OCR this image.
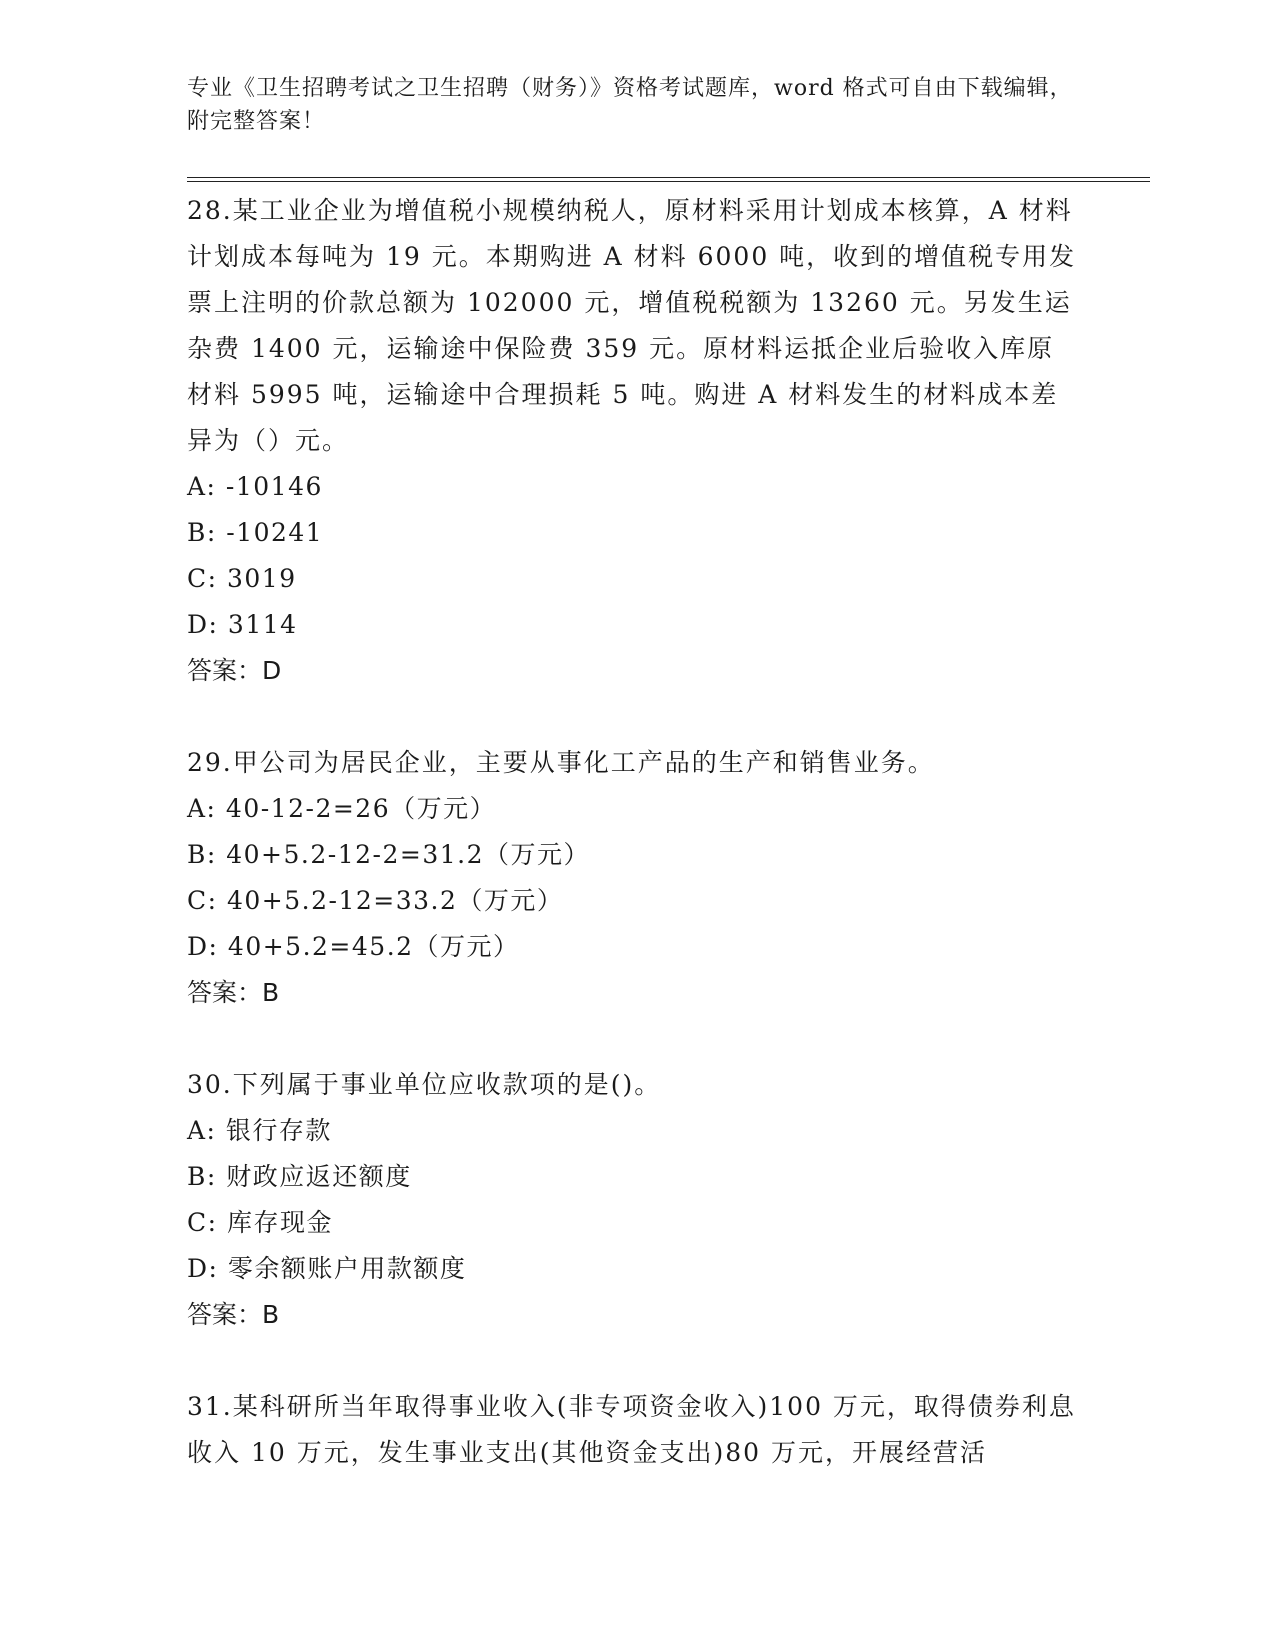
专业《卫生招聘考试之卫生招聘（财务）》资格考试题库，word 格式可自由下载编辑，附完整答案！

28.某工业企业为增值税小规模纳税人，原材料采用计划成本核算，A 材料计划成本每吨为 19 元。本期购进 A 材料 6000 吨，收到的增值税专用发票上注明的价款总额为 102000 元，增值税税额为 13260 元。另发生运杂费 1400 元，运输途中保险费 359 元。原材料运抵企业后验收入库原材料 5995 吨，运输途中合理损耗 5 吨。购进 A 材料发生的材料成本差异为（）元。

A: -10146

B: -10241

C: 3019

D: 3114

答案：D

29.甲公司为居民企业，主要从事化工产品的生产和销售业务。

A: 40-12-2=26（万元）

B: 40+5.2-12-2=31.2（万元）

C: 40+5.2-12=33.2（万元）

D: 40+5.2=45.2（万元）

答案：B

30.下列属于事业单位应收款项的是()。

A: 银行存款

B: 财政应返还额度

C: 库存现金

D: 零余额账户用款额度

答案：B

31.某科研所当年取得事业收入(非专项资金收入)100 万元，取得债券利息收入 10 万元，发生事业支出(其他资金支出)80 万元，开展经营活
